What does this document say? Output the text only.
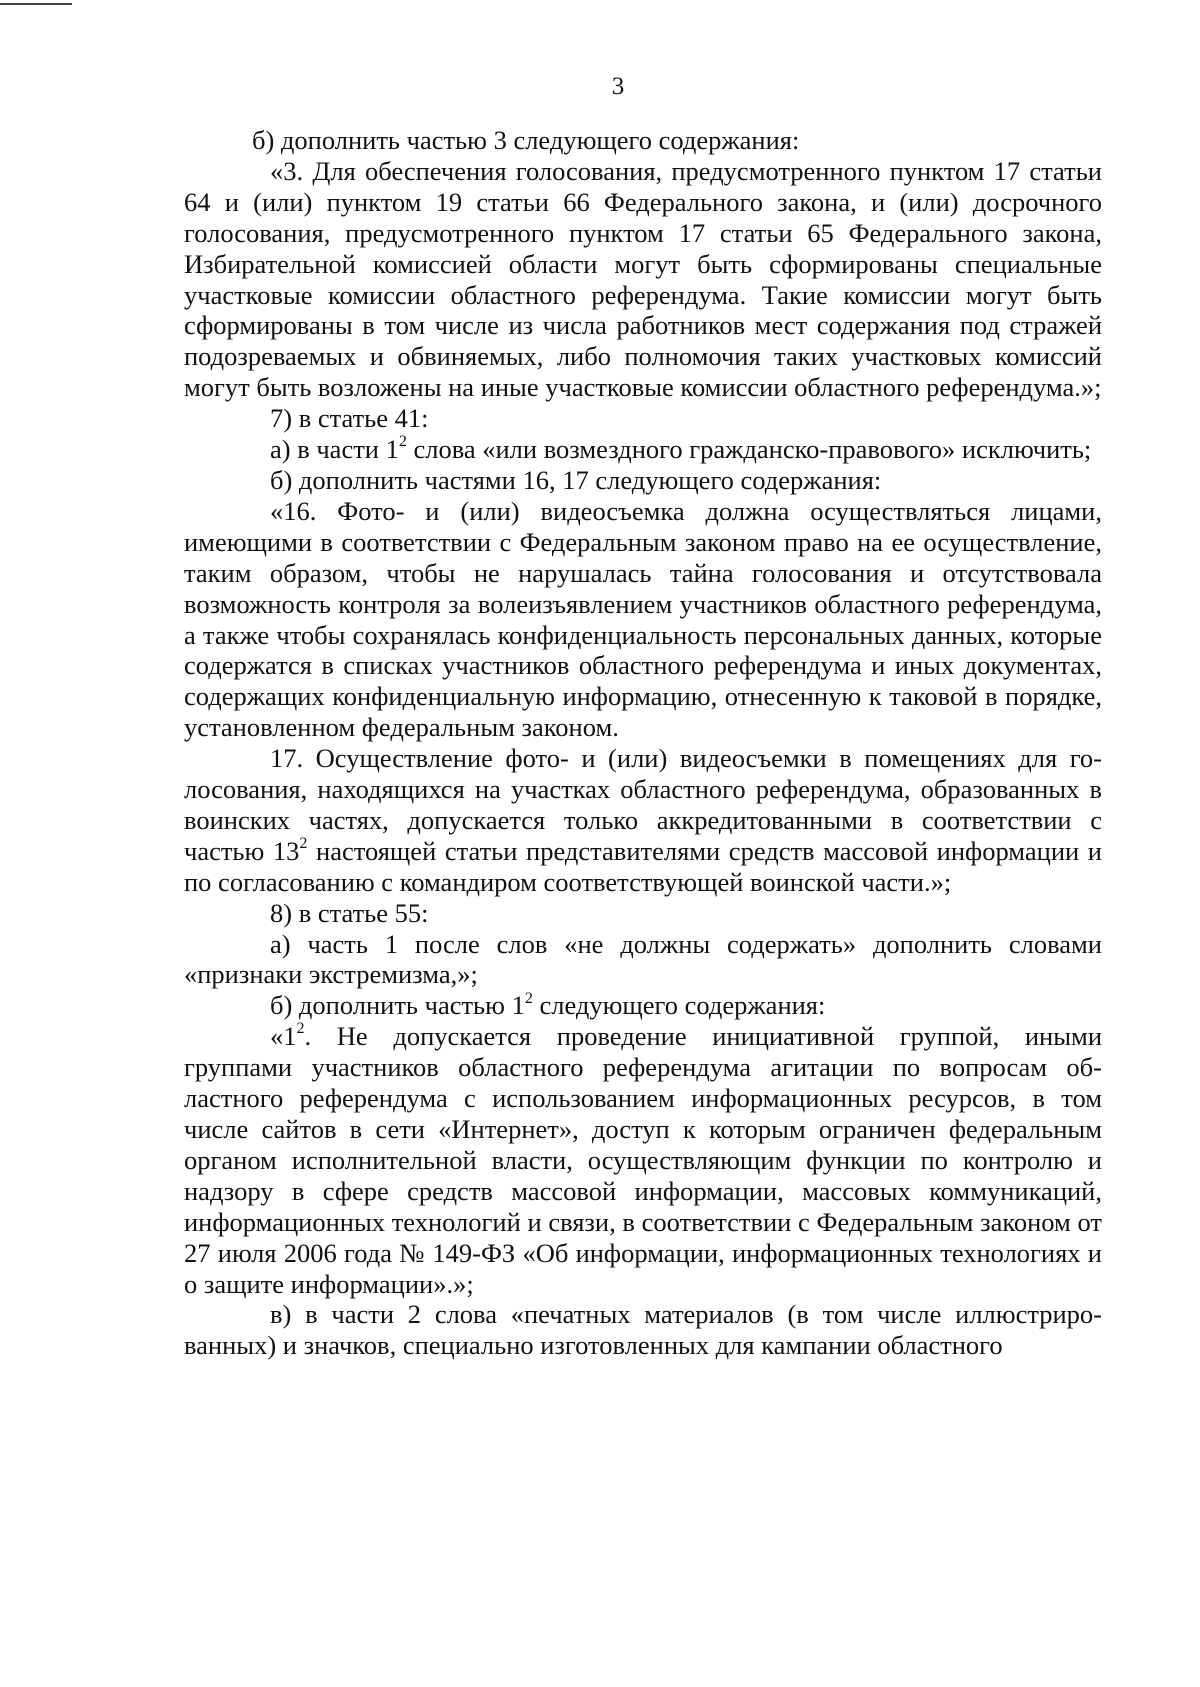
3

б) дополнить частью 3 следующего содержания:

«3. Для обеспечения голосования, предусмотренного пунктом 17 статьи 64 и (или) пунктом 19 статьи 66 Федерального закона, и (или) досрочного голосования, предусмотренного пунктом 17 статьи 65 Федерального закона, Избирательной комиссией области могут быть сформированы специальные участковые комиссии областного референдума. Такие комиссии могут быть сформированы в том числе из числа работников мест содержания под стражей подозреваемых и обвиняемых, либо полномочия таких участковых комиссий могут быть возложены на иные участковые комиссии областного референдума.»;

7) в статье 41:

а) в части $1^2$ слова «или возмездного гражданско-правового» исключить;

б) дополнить частями 16, 17 следующего содержания:

«16. Фото- и (или) видеосъемка должна осуществляться лицами, имеющими в соответствии с Федеральным законом право на ее осуществление, таким образом, чтобы не нарушалась тайна голосования и отсутствовала возможность контроля за волеизъявлением участников областного референдума, а также чтобы сохранялась конфиденциальность персональных данных, которые содержатся в списках участников областного референдума и иных документах, содержащих конфиденциальную информацию, отнесенную к таковой в порядке, установленном федеральным законом.

17. Осуществление фото- и (или) видеосъемки в помещениях для голосования, находящихся на участках областного референдума, образованных в воинских частях, допускается только аккредитованными в соответствии с частью $13^2$ настоящей статьи представителями средств массовой информации и по согласованию с командиром соответствующей воинской части.»;

8) в статье 55:

а) часть 1 после слов «не должны содержать» дополнить словами «признаки экстремизма,»;

б) дополнить частью $1^2$ следующего содержания:

«$1^2$. Не допускается проведение инициативной группой, иными группами участников областного референдума агитации по вопросам областного референдума с использованием информационных ресурсов, в том числе сайтов в сети «Интернет», доступ к которым ограничен федеральным органом исполнительной власти, осуществляющим функции по контролю и надзору в сфере средств массовой информации, массовых коммуникаций, информационных технологий и связи, в соответствии с Федеральным законом от 27 июля 2006 года № 149-ФЗ «Об информации, информационных технологиях и о защите информации».»;

в) в части 2 слова «печатных материалов (в том числе иллюстрированных) и значков, специально изготовленных для кампании областного
